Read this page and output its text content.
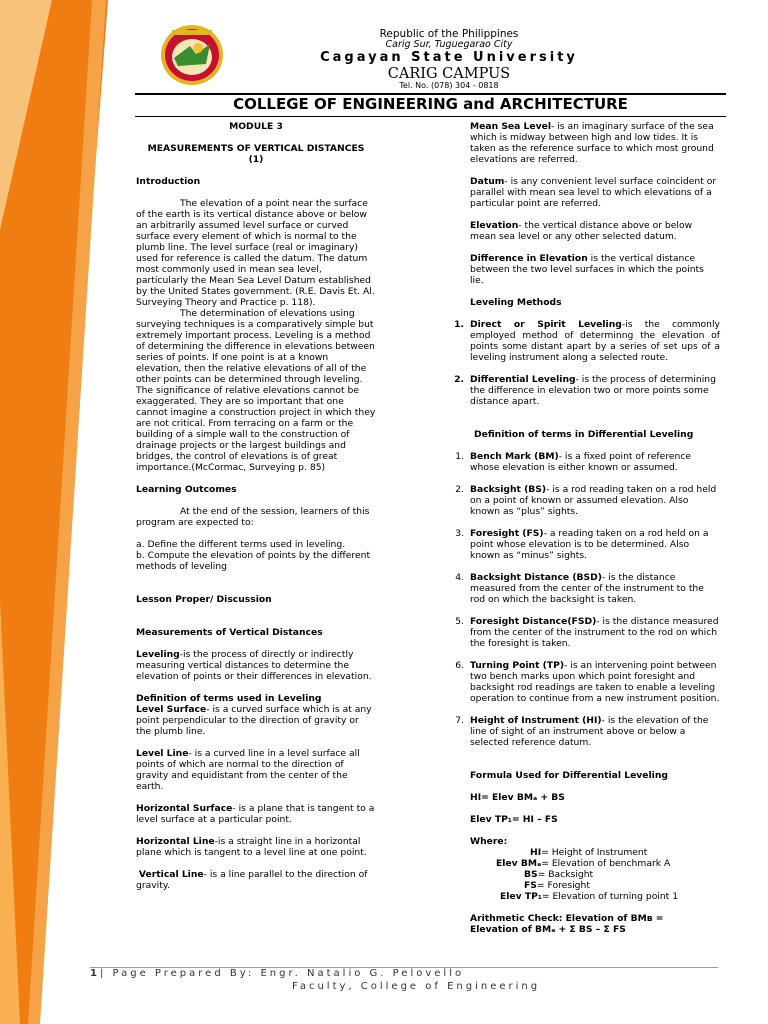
Republic of the Philippines
Carig Sur, Tuguegarao City
Cagayan State University
CARIG CAMPUS
Tel. No. (078) 304 - 0818
COLLEGE OF ENGINEERING and ARCHITECTURE

MODULE 3

MEASUREMENTS OF VERTICAL DISTANCES

(1)

Introduction

The elevation of a point near the surface of the earth is its vertical distance above or below an arbitrarily assumed level surface or curved surface every element of which is normal to the plumb line. The level surface (real or imaginary) used for reference is called the datum. The datum most commonly used in mean sea level, particularly the Mean Sea Level Datum established by the United States government. (R.E. Davis Et. Al. Surveying Theory and Practice p. 118).

The determination of elevations using surveying techniques is a comparatively simple but extremely important process. Leveling is a method of determining the difference in elevations between series of points. If one point is at a known elevation, then the relative elevations of all of the other points can be determined through leveling. The significance of relative elevations cannot be exaggerated. They are so important that one cannot imagine a construction project in which they are not critical. From terracing on a farm or the building of a simple wall to the construction of drainage projects or the largest buildings and bridges, the control of elevations is of great importance.(McCormac, Surveying p. 85)

Learning Outcomes

At the end of the session, learners of this program are expected to:

a. Define the different terms used in leveling.

b. Compute the elevation of points by the different methods of leveling

Lesson Proper/ Discussion

Measurements of Vertical Distances

Leveling-is the process of directly or indirectly measuring vertical distances to determine the elevation of points or their differences in elevation.

Definition of terms used in Leveling

Level Surface- is a curved surface which is at any point perpendicular to the direction of gravity or the plumb line.

Level Line- is a curved line in a level surface all points of which are normal to the direction of gravity and equidistant from the center of the earth.

Horizontal Surface- is a plane that is tangent to a level surface at a particular point.

Horizontal Line-is a straight line in a horizontal plane which is tangent to a level line at one point.

Vertical Line- is a line parallel to the direction of gravity.

Mean Sea Level- is an imaginary surface of the sea which is midway between high and low tides. It is taken as the reference surface to which most ground elevations are referred.

Datum- is any convenient level surface coincident or parallel with mean sea level to which elevations of a particular point are referred.

Elevation- the vertical distance above or below mean sea level or any other selected datum.

Difference in Elevation is the vertical distance between the two level surfaces in which the points lie.

Leveling Methods

1. Direct or Spirit Leveling-is the commonly employed method of determinng the elevation of points some distant apart by a series of set ups of a leveling instrument along a selected route.

2. Differential Leveling- is the process of determining the difference in elevation two or more points some distance apart.

Definition of terms in Differential Leveling

1. Bench Mark (BM)- is a fixed point of reference whose elevation is either known or assumed.

2. Backsight (BS)- is a rod reading taken on a rod held on a point of known or assumed elevation. Also known as “plus” sights.

3. Foresight (FS)- a reading taken on a rod held on a point whose elevation is to be determined. Also known as “minus” sights.

4. Backsight Distance (BSD)- is the distance measured from the center of the instrument to the rod on which the backsight is taken.

5. Foresight Distance(FSD)- is the distance measured from the center of the instrument to the rod on which the foresight is taken.

6. Turning Point (TP)- is an intervening point between two bench marks upon which point foresight and backsight rod readings are taken to enable a leveling operation to continue from a new instrument position.

7. Height of Instrument (HI)- is the elevation of the line of sight of an instrument above or below a selected reference datum.

Formula Used for Differential Leveling

HI= Elev BMₐ + BS

Elev TP₁= HI – FS

Where:

HI= Height of Instrument

Elev BMₐ= Elevation of benchmark A

BS= Backsight

FS= Foresight

Elev TP₁= Elevation of turning point 1

Arithmetic Check: Elevation of BMʙ =

Elevation of BMₐ + Σ BS – Σ FS

1| Page Prepared By: Engr. Natalio G. Pelovello
Faculty, College of Engineering
